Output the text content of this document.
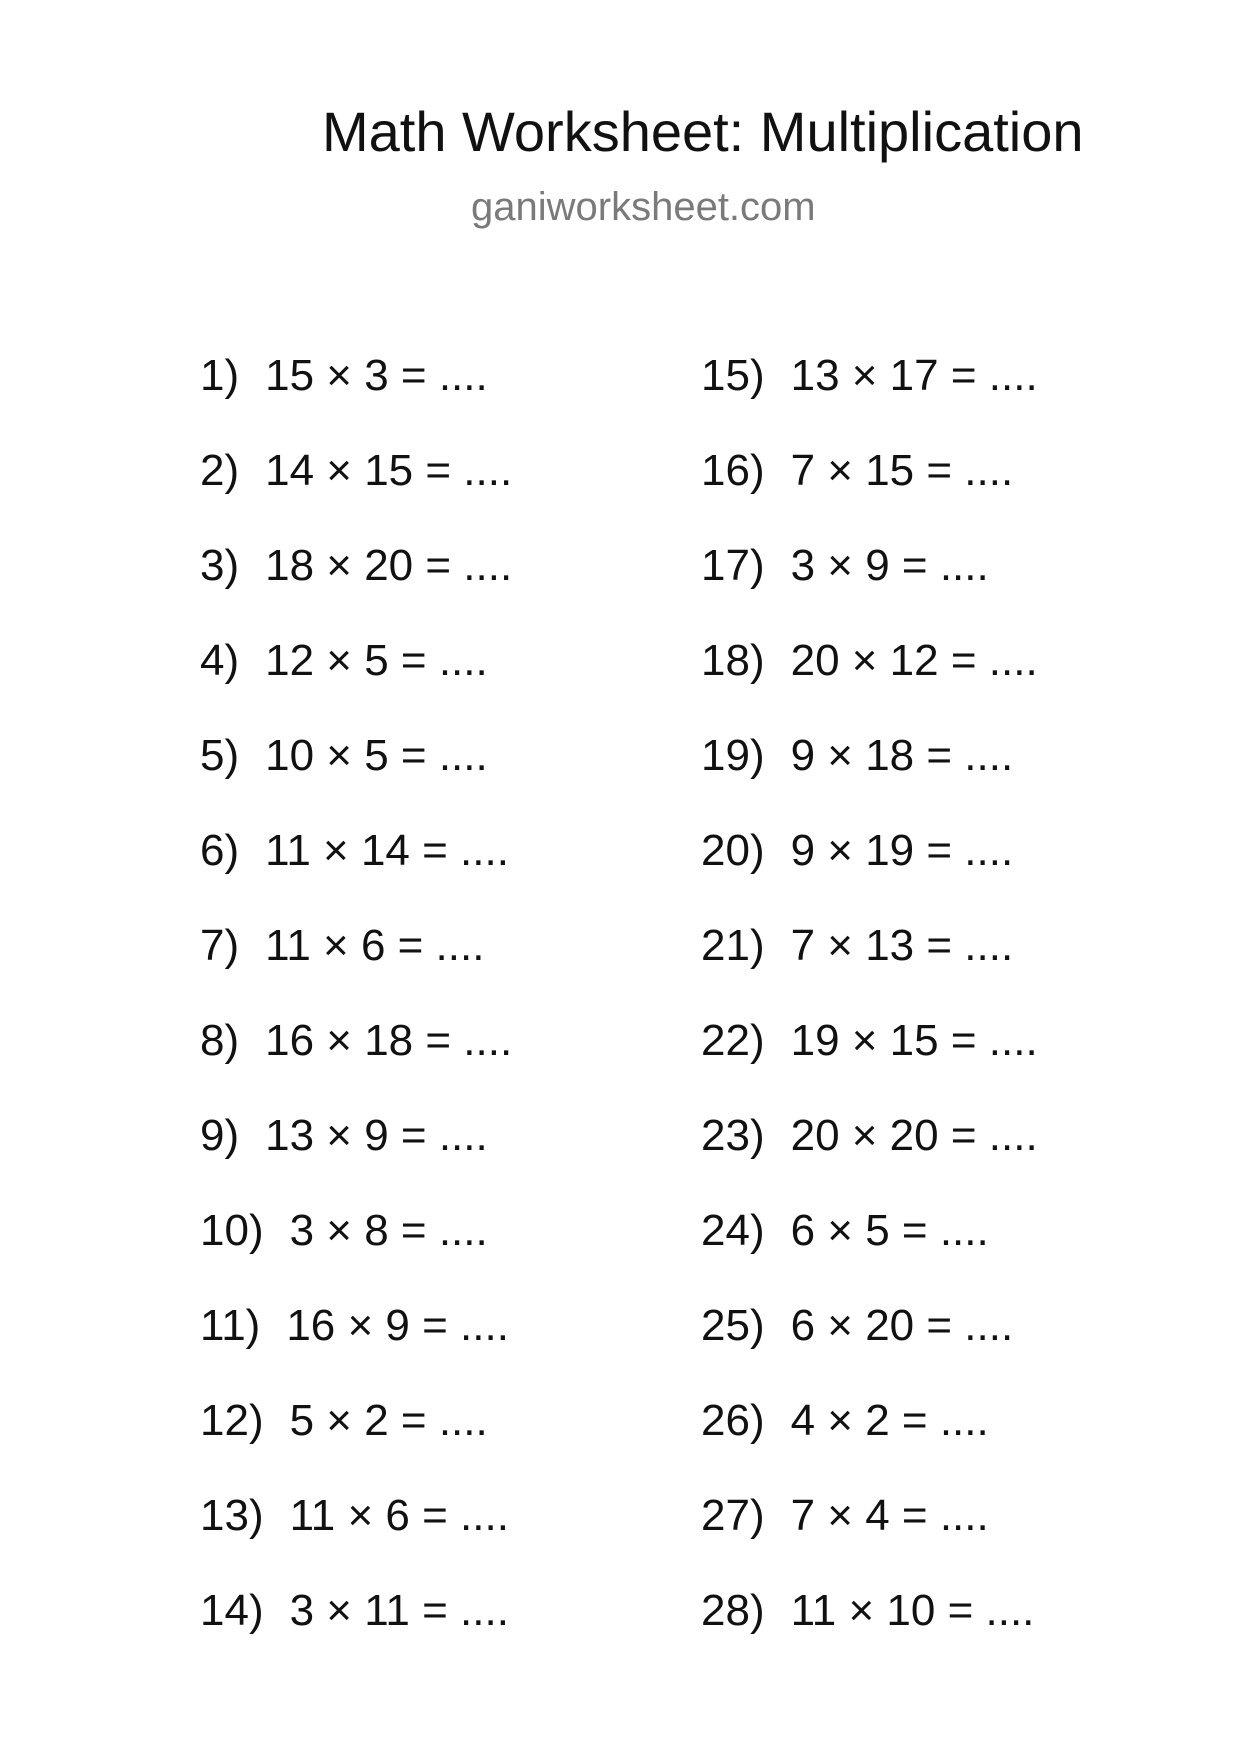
Math Worksheet: Multiplication
ganiworksheet.com
1) 15 × 3 = ....
2) 14 × 15 = ....
3) 18 × 20 = ....
4) 12 × 5 = ....
5) 10 × 5 = ....
6) 11 × 14 = ....
7) 11 × 6 = ....
8) 16 × 18 = ....
9) 13 × 9 = ....
10) 3 × 8 = ....
11) 16 × 9 = ....
12) 5 × 2 = ....
13) 11 × 6 = ....
14) 3 × 11 = ....
15) 13 × 17 = ....
16) 7 × 15 = ....
17) 3 × 9 = ....
18) 20 × 12 = ....
19) 9 × 18 = ....
20) 9 × 19 = ....
21) 7 × 13 = ....
22) 19 × 15 = ....
23) 20 × 20 = ....
24) 6 × 5 = ....
25) 6 × 20 = ....
26) 4 × 2 = ....
27) 7 × 4 = ....
28) 11 × 10 = ....
